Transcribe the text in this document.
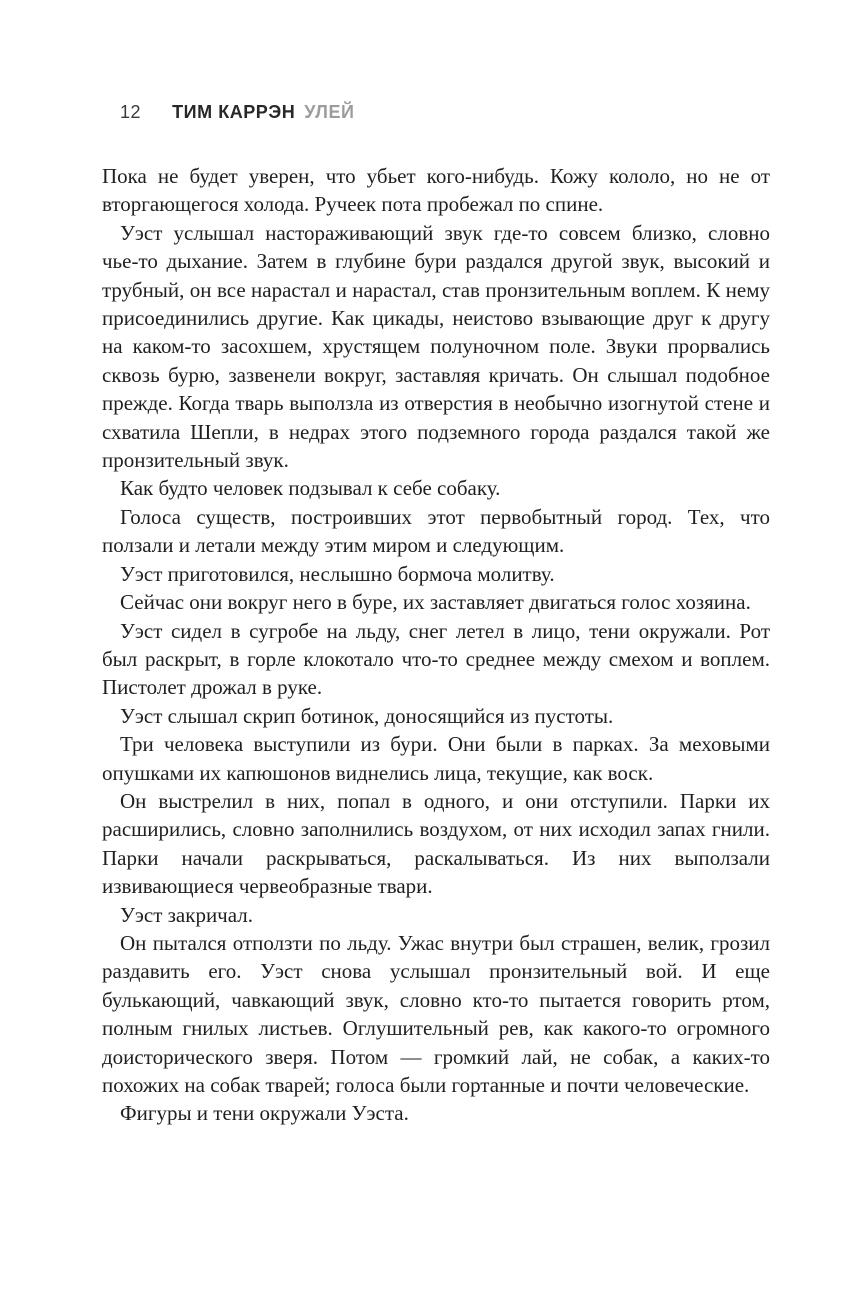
12 ТИМ КАРРЭН УЛЕЙ

Пока не будет уверен, что убьет кого-нибудь. Кожу кололо, но не от вторгающегося холода. Ручеек пота пробежал по спине.

Уэст услышал настораживающий звук где-то совсем близко, словно чье-то дыхание. Затем в глубине бури раздался другой звук, высокий и трубный, он все нарастал и нарастал, став пронзительным воплем. К нему присоединились другие. Как цикады, неистово взывающие друг к другу на каком-то засохшем, хрустящем полуночном поле. Звуки прорвались сквозь бурю, зазвенели вокруг, заставляя кричать. Он слышал подобное прежде. Когда тварь выползла из отверстия в необычно изогнутой стене и схватила Шепли, в недрах этого подземного города раздался такой же пронзительный звук.

Как будто человек подзывал к себе собаку.

Голоса существ, построивших этот первобытный город. Тех, что ползали и летали между этим миром и следующим.

Уэст приготовился, неслышно бормоча молитву.

Сейчас они вокруг него в буре, их заставляет двигаться голос хозяина.

Уэст сидел в сугробе на льду, снег летел в лицо, тени окружали. Рот был раскрыт, в горле клокотало что-то среднее между смехом и воплем. Пистолет дрожал в руке.

Уэст слышал скрип ботинок, доносящийся из пустоты.

Три человека выступили из бури. Они были в парках. За меховыми опушками их капюшонов виднелись лица, текущие, как воск.

Он выстрелил в них, попал в одного, и они отступили. Парки их расширились, словно заполнились воздухом, от них исходил запах гнили. Парки начали раскрываться, раскалываться. Из них выползали извивающиеся червеобразные твари.

Уэст закричал.

Он пытался отползти по льду. Ужас внутри был страшен, велик, грозил раздавить его. Уэст снова услышал пронзительный вой. И еще булькающий, чавкающий звук, словно кто-то пытается говорить ртом, полным гнилых листьев. Оглушительный рев, как какого-то огромного доисторического зверя. Потом — громкий лай, не собак, а каких-то похожих на собак тварей; голоса были гортанные и почти человеческие.

Фигуры и тени окружали Уэста.
